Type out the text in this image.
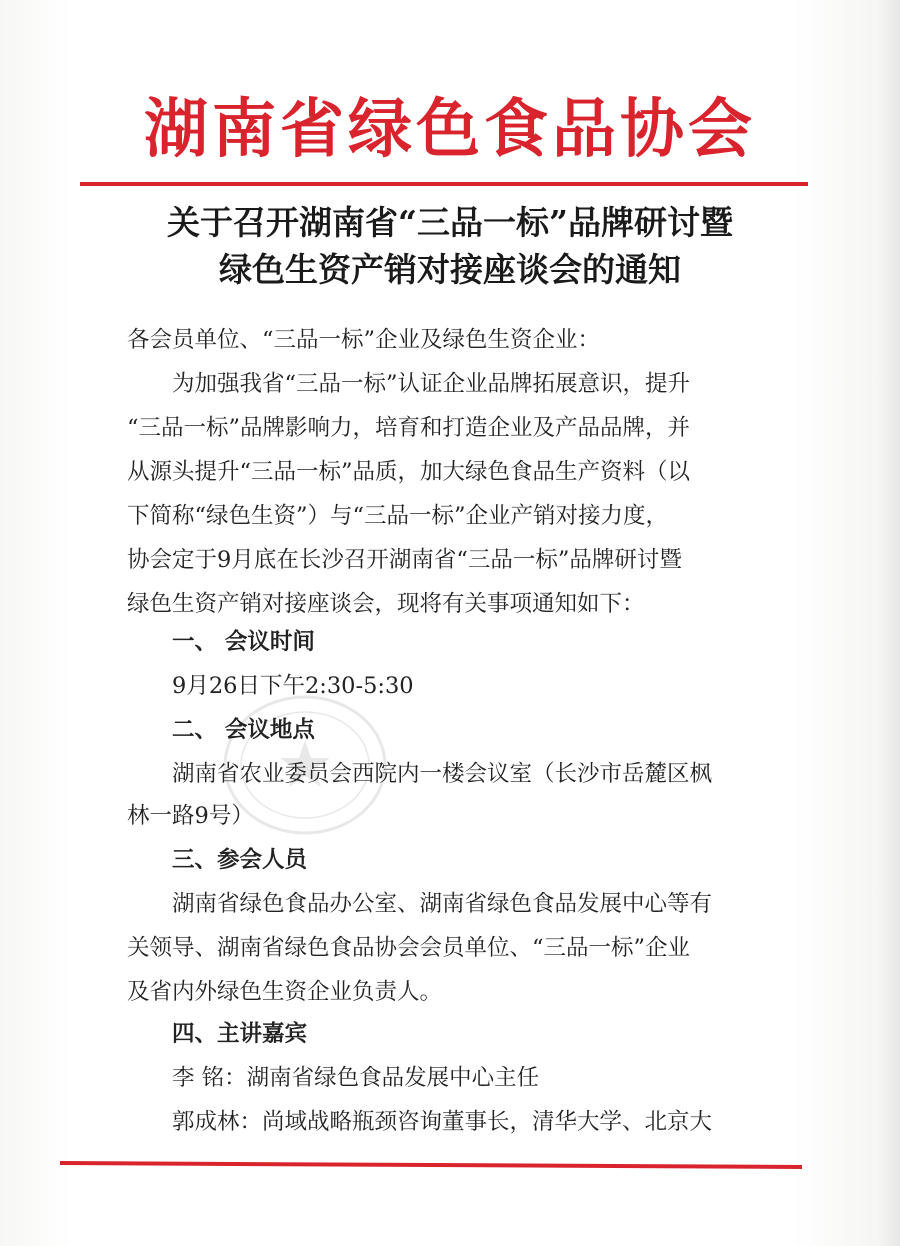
湖南省绿色食品协会
关于召开湖南省“三品一标”品牌研讨暨
绿色生资产销对接座谈会的通知
各会员单位、“三品一标”企业及绿色生资企业：
为加强我省“三品一标”认证企业品牌拓展意识，提升
“三品一标”品牌影响力，培育和打造企业及产品品牌，并
从源头提升“三品一标”品质，加大绿色食品生产资料（以
下简称“绿色生资”）与“三品一标”企业产销对接力度，
协会定于9月底在长沙召开湖南省“三品一标”品牌研讨暨
绿色生资产销对接座谈会，现将有关事项通知如下：
一、 会议时间
9月26日下午2:30-5:30
二、 会议地点
湖南省农业委员会西院内一楼会议室（长沙市岳麓区枫
林一路9号）
三、参会人员
湖南省绿色食品办公室、湖南省绿色食品发展中心等有
关领导、湖南省绿色食品协会会员单位、“三品一标”企业
及省内外绿色生资企业负责人。
四、主讲嘉宾
李 铭：湖南省绿色食品发展中心主任
郭成林：尚域战略瓶颈咨询董事长，清华大学、北京大
